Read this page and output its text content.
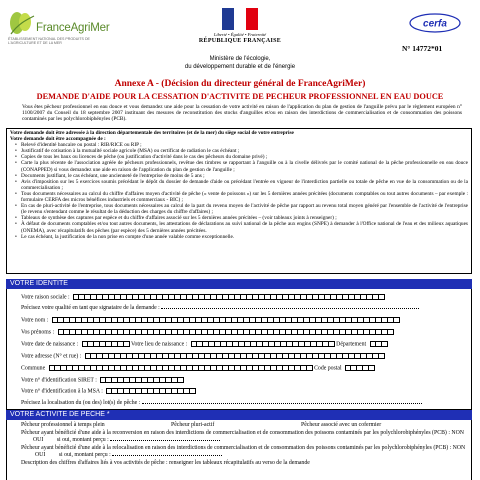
FranceAgriMer
ÉTABLISSEMENT NATIONAL DES PRODUITS DE L'AGRICULTURE ET DE LA MER
Liberté • Égalité • Fraternité
RÉPUBLIQUE FRANÇAISE
cerfa
N° 14772*01
Ministère de l'écologie,
du développement durable et de l'énergie
Annexe A - (Décision du directeur général de FranceAgriMer)
DEMANDE D'AIDE POUR LA CESSATION D'ACTIVITE DE PECHEUR PROFESSIONNEL EN EAU DOUCE
Vous êtes pêcheur professionnel en eau douce et vous demandez une aide pour la cessation de votre activité en raison de l'application du plan de gestion de l'anguille prévu par le règlement européen n° 1100/2007 du Conseil du 18 septembre 2007 instituant des mesures de reconstitution des stocks d'anguilles et/ou en raison des interdictions de commercialisation et de consommation des poissons contaminés par les polychlorobiphényles (PCB).
Votre demande doit être adressée à la direction départementale des territoires (et de la mer) du siège social de votre entreprise
Votre demande doit être accompagnée de :
• Relevé d'identité bancaire ou postal : RIB/RICE ou RIP ;
• Justificatif de cotisation à la mutualité sociale agricole (MSA) ou certificat de radiation le cas échéant ;
• Copies de tous les baux ou licences de pêche (ou justification d'activité dans le cas des pêcheurs du domaine privé) ;
• Carte la plus récente de l'association agréée de pêcheurs professionnels, revêtue des timbres se rapportant à l'anguille ou à la civelle délivrés par le comité national de la pêche professionnelle en eau douce (CONAPPED) si vous demandez une aide en raison de l'application du plan de gestion de l'anguille ;
• Documents justifiant, le cas échéant, une ancienneté de l'entreprise de moins de 5 ans ;
• Avis d'imposition sur les 5 exercices soumis précédant le dépôt du dossier de demande d'aide ou précédant l'entrée en vigueur de l'interdiction partielle ou totale de pêche en vue de la consommation ou de la commercialisation ;
• Tous documents nécessaires au calcul du chiffre d'affaires moyen d'activité de pêche (« vente de poissons ») sur les 5 dernières années précitées (documents comptables ou tout autres documents – par exemple : formulaire CERFA des micros bénéfices industriels et commerciaux - BIC) ;
• En cas de pluri-activité de l'entreprise, tous documents nécessaires au calcul de la part du revenu moyen de l'activité de pêche par rapport au revenu total moyen généré par l'ensemble de l'activité de l'entreprise (le revenu s'entendant comme le résultat de la déduction des charges du chiffre d'affaires) ;
• Tableaux de synthèse des captures par espèce et du chiffre d'affaires associé sur les 5 dernières années précitées – (voir tableaux joints à renseigner) ;
• À défaut de documents comptables et/ou tout autres documents, les attestations de déclarations au suivi national de la pêche aux engins (SNPE) à demander à l'Office national de l'eau et des milieux aquatiques (ONEMA), avec récapitulatifs des pêches (par espèce) des 5 dernières années précitées.
• Le cas échéant, la justification de la non prise en compte d'une année valable comme exceptionnelle.
VOTRE IDENTITE
Votre raison sociale :
Précisez votre qualité en tant que signataire de la demande :
Votre nom :
Vos prénoms :
Votre date de naissance :	Votre lieu de naissance :	Département
Votre adresse (N° et rue) :
Commune	Code postal
Votre n° d'identification SIRET :
Votre n° d'identification à la MSA :
Précisez la localisation du (ou des) lot(s) de pêche :
VOTRE ACTIVITE DE PECHE *
Pêcheur professionnel à temps plein	Pêcheur pluri-actif	Pêcheur associé avec un cofermier
Pêcheur ayant bénéficié d'une aide à la reconversion en raison des interdictions de commercialisation et de consommation des poissons contaminés par les polychlorobiphényles (PCB) : NON OUI si oui, montant perçu :
Pêcheur ayant bénéficié d'une aide à la relocalisation en raison des interdictions de commercialisation et de consommation des poissons contaminés par les polychlorobiphényles (PCB) : NON OUI si oui, montant perçu :
Description des chiffres d'affaires liés à vos activités de pêche : renseigner les tableaux récapitulatifs au verso de la demande
